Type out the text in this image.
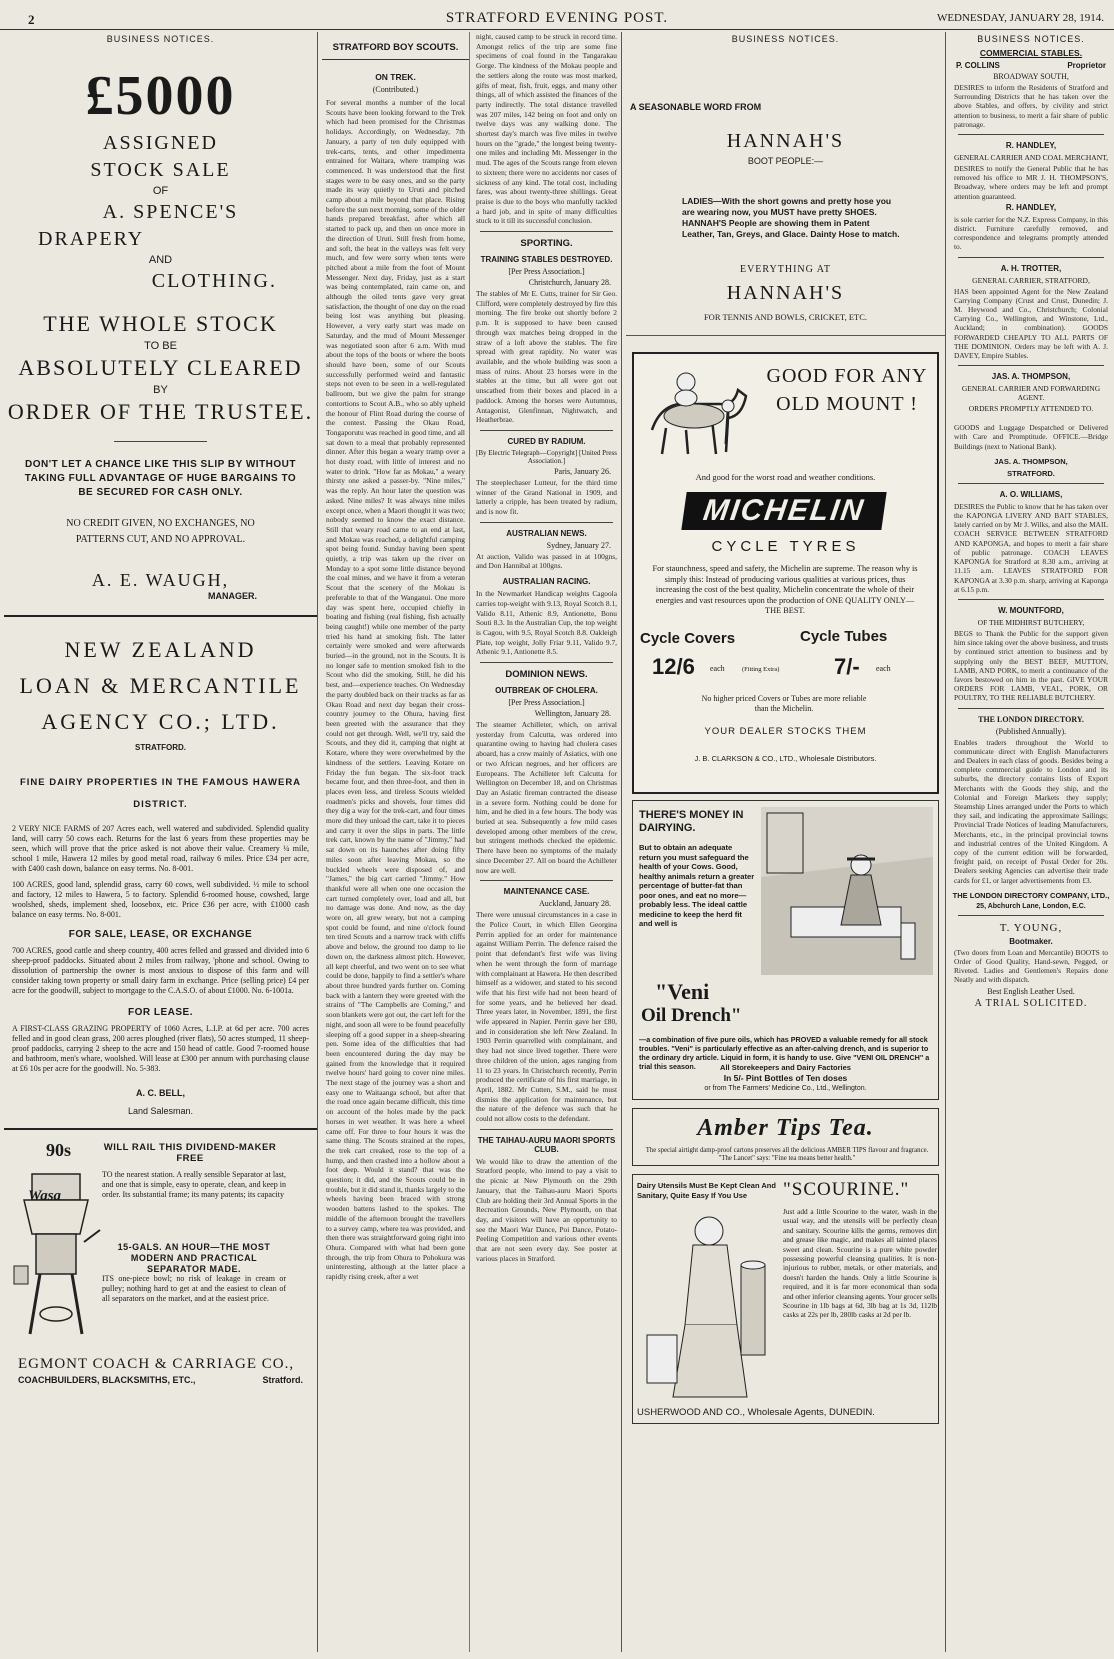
2	STRATFORD EVENING POST.	WEDNESDAY, JANUARY 28, 1914.
BUSINESS NOTICES.
£5000
ASSIGNED
STOCK SALE
OF
A. SPENCE'S
DRAPERY
AND
CLOTHING.
THE WHOLE STOCK
TO BE
ABSOLUTELY CLEARED
BY
ORDER OF THE TRUSTEE.
DON'T LET A CHANCE LIKE THIS SLIP BY WITHOUT TAKING FULL ADVANTAGE OF HUGE BARGAINS TO BE SECURED FOR CASH ONLY.
NO CREDIT GIVEN, NO EXCHANGES, NO PATTERNS CUT, AND NO APPROVAL.
A. E. WAUGH,
MANAGER.
NEW ZEALAND
LOAN & MERCANTILE
AGENCY CO.; LTD.
STRATFORD.
FINE DAIRY PROPERTIES IN THE FAMOUS HAWERA DISTRICT.

2 VERY NICE FARMS of 207 Acres each, well watered and subdivided. Splendid quality land, will carry 50 cows each. Returns for the last 6 years from these properties may be seen, which will prove that the price asked is not above their value. Creamery ¼ mile, school 1 mile, Hawera 12 miles by good metal road, railway 6 miles. Price £34 per acre, with £400 cash down, balance on easy terms. No. 8-001.

100 ACRES, good land, splendid grass, carry 60 cows, well subdivided. ½ mile to school and factory, 12 miles to Hawera, 5 to factory. Splendid 6-roomed house, cowshed, large woolshed, sheds, implement shed, loosebox, etc. Price £36 per acre, with £1000 cash balance on easy terms. No. 8-001.

FOR SALE, LEASE, OR EXCHANGE

700 ACRES, good cattle and sheep country, 400 acres felled and grassed and divided into 6 sheep-proof paddocks. Situated about 2 miles from railway, 'phone and school. Owing to dissolution of partnership the owner is most anxious to dispose of this farm and will consider taking town property or small dairy farm in exchange. Price (selling price) £4 per acre for the goodwill, subject to mortgage to the C.A.S.O. of about £1000. No. 6-1001a.

FOR LEASE.

A FIRST-CLASS GRAZING PROPERTY of 1060 Acres, L.I.P. at 6d per acre. 700 acres felled and in good clean grass, 200 acres ploughed (river flats), 50 acres stumped, 11 sheep-proof paddocks, carrying 2 sheep to the acre and 150 head of cattle. Good 7-roomed house and bathroom, men's whare, woolshed. Will lease at £300 per annum with purchasing clause at £6 10s per acre for the goodwill. No. 5-383.

A. C. BELL,
Land Salesman.
90s	WILL RAIL THIS DIVIDEND-MAKER FREE
Wasa

TO the nearest station. A really sensible Separator at last, and one that is simple, easy to operate, clean, and keep in order. Its substantial frame; its many patents; its capacity

15-GALS. AN HOUR—THE MOST MODERN AND PRACTICAL SEPARATOR MADE.

ITS one-piece bowl; no risk of leakage in cream or pulley; nothing hard to get at and the easiest to clean of all separators on the market, and at the easiest price.

EGMONT COACH & CARRIAGE CO.,
COACHBUILDERS, BLACKSMITHS, ETC.,	Stratford.
STRATFORD BOY SCOUTS.
ON TREK.
(Contributed.)

For several months a number of the local Scouts have been looking forward to the Trek which had been promised for the Christmas holidays. Accordingly, on Wednesday, 7th January, a party of ten duly equipped with trek-carts, tents, and other impedimenta entrained for Waitara, where tramping was commenced. It was understood that the first stages were to be easy ones, and so the party made its way quietly to Uruti and pitched camp about a mile beyond that place. Rising before the sun next morning, some of the older hands prepared breakfast, after which all started to pack up, and then on once more in the direction of Uruti. Still fresh from home, and soft, the heat in the valleys was felt very much, and few were sorry when tents were pitched about a mile from the foot of Mount Messenger. Next day, Friday, just as a start was being contemplated, rain came on, and although the oiled tents gave very great satisfaction, the thought of one day on the road being lost was anything but pleasing. However, a very early start was made on Saturday, and the mud of Mount Messenger was negotiated soon after 6 a.m. With mud about the tops of the boots or where the boots should have been, some of our Scouts successfully performed weird and fantastic steps not even to be seen in a well-regulated ballroom, but we give the palm for strange contortions to Scout A.B., who so ably upheld the honour of Flint Road during the course of the contest. Passing the Okau Road, Tongaporutu was reached in good time, and all sat down to a meal that probably represented dinner. After this began a weary tramp over a hot dusty road, with little of interest and no water to drink. "How far as Mokau," a weary thirsty one asked a passer-by. "Nine miles," was the reply. An hour later the question was asked. Nine miles? It was always nine miles except once, when a Maori thought it was two; nobody seemed to know the exact distance. Still that weary road came to an end at last, and Mokau was reached, a delightful camping spot being found. Sunday having been spent quietly, a trip was taken up the river on Monday to a spot some little distance beyond the coal mines, and we have it from a veteran Scout that the scenery of the Mokau is preferable to that of the Wanganui. One more day was spent here, occupied chiefly in boating and fishing (real fishing, fish actually being caught!) while one member of the party tried his hand at smoking fish. The latter certainly were smoked and were afterwards buried—in the ground, not in the Scouts. It is no longer safe to mention smoked fish to the Scout who did the smoking. Still, he did his best, and—experience teaches. On Wednesday the party doubled back on their tracks as far as Okau Road and next day began their cross-country journey to the Ohura, having first been greeted with the assurance that they could not get through. Well, we'll try, said the Scouts, and they did it, camping that night at Kotare, where they were overwhelmed by the kindness of the settlers. Leaving Kotare on Friday the fun began. The six-foot track became four, and then three-foot, and then in places even less, and tireless Scouts wielded roadmen's picks and shovels, four times did they dig a way for the trek-cart, and four times more did they unload the cart, take it to pieces and carry it over the slips in parts. The little trek cart, known by the name of "Jimmy," had sat down on its haunches after doing fifty miles soon after leaving Mokau, so the buckled wheels were disposed of, and "James," the big cart carried "Jimmy." How thankful were all when one one occasion the cart turned completely over, load and all, but no damage was done. And now, as the day wore on, all grew weary, but not a camping spot could be found, and nine o'clock found ten tired Scouts and a narrow track with cliffs above and below, the ground too damp to lie down on, the darkness almost pitch. However, all kept cheerful, and two went on to see what could be done, happily to find a settler's whare about three hundred yards further on. Coming back with a lantern they were greeted with the strains of "The Campbells are Coming," and soon blankets were got out, the cart left for the night, and soon all were to be found peacefully sleeping off a good supper in a sheep-shearing pen. Some idea of the difficulties that had been encountered during the day may be gained from the knowledge that it required twelve hours' hard going to cover nine miles. The next stage of the journey was a short and easy one to Waitaanga school, but after that the road once again became difficult, this time on account of the holes made by the pack horses in wet weather. It was here a wheel came off. For three to four hours it was the same thing. The Scouts strained at the ropes, the trek cart creaked, rose to the top of a hump, and then crashed into a hollow about a foot deep. Would it stand? that was the question; it did, and the Scouts could be in trouble, but it did stand it, thanks largely to the wheels having been braced with strong wooden battens lashed to the spokes. The middle of the afternoon brought the travellers to a survey camp, where tea was provided, and then there was straightforward going right into Ohura. Compared with what had been gone through, the trip from Ohura to Pohokura was uninteresting, although at the latter place a rapidly rising creek, after a wet

night, caused camp to be struck in record time. Amongst relics of the trip are some fine specimens of coal found in the Tangarakau Gorge. The kindness of the Mokau people and the settlers along the route was most marked, gifts of meat, fish, fruit, eggs, and many other things, all of which assisted the finances of the party indirectly. The total distance travelled was 207 miles, 142 being on foot and only on twelve days was any walking done. The shortest day's march was five miles in twelve hours on the "grade," the longest being twenty-one miles and including Mt. Messenger in the mud. The ages of the Scouts range from eleven to sixteen; there were no accidents nor cases of sickness of any kind. The total cost, including fares, was about twenty-three shillings. Great praise is due to the boys who manfully tackled a hard job, and in spite of many difficulties stuck to it till its successful conclusion.

SPORTING.
TRAINING STABLES DESTROYED.
[Per Press Association.]
Christchurch, January 28.

The stables of Mr E. Cutts, trainer for Sir Geo. Clifford, were completely destroyed by fire this morning. The fire broke out shortly before 2 p.m. It is supposed to have been caused through wax matches being dropped in the straw of a loft above the stables. The fire spread with great rapidity. No water was available, and the whole building was soon a mass of ruins. About 23 horses were in the stables at the time, but all were got out unscathed from their boxes and placed in a paddock. Among the horses were Autumnus, Antagonist, Glenfinnan, Nightwatch, and Heatherbrae.

CURED BY RADIUM.
[By Electric Telegraph—Copyright] [United Press Association.]
Paris, January 26.

The steeplechaser Lutteur, for the third time winner of the Grand National in 1909, and latterly a cripple, has been treated by radium, and is now fit.

AUSTRALIAN NEWS.
Sydney, January 27.

At auction, Valido was passed in at 100gns, and Don Hannibal at 100gns.

AUSTRALIAN RACING.

In the Newmarket Handicap weights Cagoola carries top-weight with 9.13, Royal Scotch 8.1, Valido 8.11, Athenic 8.9, Antionette, Bonu Souti 8.3. In the Australian Cup, the top weight is Cagou, with 9.5, Royal Scotch 8.8. Oakleigh Plate, top weight, Jolly Friar 9.11, Valido 9.7, Athenic 9.1, Antionette 8.5.

DOMINION NEWS.
OUTBREAK OF CHOLERA.
[Per Press Association.]
Wellington, January 28.

The steamer Achilleter, which, on arrival yesterday from Calcutta, was ordered into quarantine owing to having had cholera cases aboard, has a crew mainly of Asiatics, with one or two African negroes, and her officers are Europeans. The Achilleter left Calcutta for Wellington on December 18, and on Christmas Day an Asiatic fireman contracted the disease in a severe form. Nothing could be done for him, and he died in a few hours. The body was buried at sea. Subsequently a few mild cases developed among other members of the crew, but stringent methods checked the epidemic. There have been no symptoms of the malady since December 27. All on board the Achilleter now are well.

MAINTENANCE CASE.
Auckland, January 28.

There were unusual circumstances in a case in the Police Court, in which Ellen Georgina Perrin applied for an order for maintenance against William Perrin. The defence raised the point that defendant's first wife was living when he went through the form of marriage with complainant at Hawera. He then described himself as a widower, and stated to his second wife that his first wife had not been heard of for some years, and he believed her dead. Three years later, in November, 1891, the first wife appeared in Napier. Perrin gave her £80, and in consideration she left New Zealand. In 1903 Perrin quarrelled with complainant, and they had not since lived together. There were three children of the union, ages ranging from 11 to 23 years. In Christchurch recently, Perrin produced the certificate of his first marriage, in April, 1882. Mr Cutten, S.M., said he must dismiss the application for maintenance, but the nature of the defence was such that he could not allow costs to the defendant.

THE TAIHAU-AURU MAORI SPORTS CLUB.

We would like to draw the attention of the Stratford people, who intend to pay a visit to the picnic at New Plymouth on the 29th January, that the Taihau-auru Maori Sports Club are holding their 3rd Annual Sports in the Recreation Grounds, New Plymouth, on that day, and visitors will have an opportunity to see the Maori War Dance, Poi Dance, Potato-Peeling Competition and various other events that are not seen every day. See poster at various places in Stratford.

BUSINESS NOTICES.
A SEASONABLE WORD FROM
HANNAH'S
BOOT PEOPLE:—

LADIES—With the short gowns and pretty hose you are wearing now, you MUST have pretty SHOES. HANNAH'S People are showing them in Patent Leather, Tan, Greys, and Glace. Dainty Hose to match.

EVERYTHING AT
HANNAH'S
FOR TENNIS AND BOWLS, CRICKET, ETC.
GOOD FOR ANY OLD MOUNT !
And good for the worst road and weather conditions.
MICHELIN
CYCLE TYRES

For staunchness, speed and safety, the Michelin are supreme. The reason why is simply this: Instead of producing various qualities at various prices, thus increasing the cost of the best quality, Michelin concentrate the whole of their energies and vast resources upon the production of ONE QUALITY ONLY—THE BEST.

Cycle Covers
12/6 each	(Fitting Extra)
Cycle Tubes
7/- each

No higher priced Covers or Tubes are more reliable than the Michelin.

YOUR DEALER STOCKS THEM
J. B. CLARKSON & CO., LTD., Wholesale Distributors.
THERE'S MONEY IN DAIRYING.

But to obtain an adequate return you must safeguard the health of your Cows. Good, healthy animals return a greater percentage of butter-fat than poor ones, and eat no more—probably less. The ideal cattle medicine to keep the herd fit and well is

"Veni
Oil Drench"

—a combination of five pure oils, which has PROVED a valuable remedy for all stock troubles. "Veni" is particularly effective as an after-calving drench, and is superior to the ordinary dry article. Liquid in form, it is handy to use. Give "VENI OIL DRENCH" a trial this season.	All Storekeepers and Dairy Factories
In 5/- Pint Bottles of Ten doses
or from The Farmers' Medicine Co., Ltd., Wellington.
Amber Tips Tea.

The special airtight damp-proof cartons preserves all the delicious AMBER TIPS flavour and fragrance. "The Lancet" says: "Fine tea means better health."

Dairy Utensils Must Be Kept Clean And Sanitary, Quite Easy If You Use	"SCOURINE."

Just add a little Scourine to the water, wash in the usual way, and the utensils will be perfectly clean and sanitary. Scourine kills the germs, removes dirt and grease like magic, and makes all tainted places sweet and clean. Scourine is a pure white powder possessing powerful cleansing qualities. It is non-injurious to rubber, metals, or other materials, and doesn't harden the hands. Only a little Scourine is required, and it is far more economical than soda and other inferior cleansing agents. Your grocer sells Scourine in 1lb bags at 6d, 3lb bag at 1s 3d, 112lb casks at 22s per lb, 280lb casks at 2d per lb.

USHERWOOD AND CO., Wholesale Agents, DUNEDIN.
BUSINESS NOTICES.
COMMERCIAL STABLES.
P. COLLINS	Proprietor
BROADWAY SOUTH,

DESIRES to inform the Residents of Stratford and Surrounding Districts that he has taken over the above Stables, and offers, by civility and strict attention to business, to merit a fair share of public patronage.

R. HANDLEY,
GENERAL CARRIER AND COAL MERCHANT,

DESIRES to notify the General Public that he has removed his office to MR J. H. THOMPSON'S, Broadway, where orders may be left and prompt attention guaranteed.

R. HANDLEY,

is sole carrier for the N.Z. Express Company, in this district. Furniture carefully removed, and correspondence and telegrams promptly attended to.

A. H. TROTTER,
GENERAL CARRIER, STRATFORD,

HAS been appointed Agent for the New Zealand Carrying Company (Crust and Crust, Dunedin; J. M. Heywood and Co., Christchurch; Colonial Carrying Co., Wellington, and Winstone, Ltd., Auckland; in combination). GOODS FORWARDED CHEAPLY TO ALL PARTS OF THE DOMINION. Orders may be left with A. J. DAVEY, Empire Stables.

JAS. A. THOMPSON,
GENERAL CARRIER AND FORWARDING AGENT.
ORDERS PROMPTLY ATTENDED TO.

GOODS and Luggage Despatched or Delivered with Care and Promptitude. OFFICE.—Bridge Buildings (next to National Bank).

JAS. A. THOMPSON,
STRATFORD.
A. O. WILLIAMS,

DESIRES the Public to know that he has taken over the KAPONGA LIVERY AND BAIT STABLES, lately carried on by Mr J. Wilks, and also the MAIL COACH SERVICE BETWEEN STRATFORD AND KAPONGA, and hopes to merit a fair share of public patronage. COACH LEAVES KAPONGA for Stratford at 8.30 a.m., arriving at 11.15 a.m. LEAVES STRATFORD FOR KAPONGA at 3.30 p.m. sharp, arriving at Kaponga at 6.15 p.m.

W. MOUNTFORD,
OF THE MIDHIRST BUTCHERY,

BEGS to Thank the Public for the support given him since taking over the above business, and trusts by continued strict attention to business and by supplying only the BEST BEEF, MUTTON, LAMB, AND PORK, to merit a continuance of the favors bestowed on him in the past. GIVE YOUR ORDERS FOR LAMB, VEAL, PORK, OR POULTRY, TO THE RELIABLE BUTCHERY.

THE LONDON DIRECTORY.
(Published Annually).

Enables traders throughout the World to communicate direct with English Manufacturers and Dealers in each class of goods. Besides being a complete commercial guide to London and its suburbs, the directory contains lists of Export Merchants with the Goods they ship, and the Colonial and Foreign Markets they supply; Steamship Lines arranged under the Ports to which they sail, and indicating the approximate Sailings; Provincial Trade Notices of leading Manufacturers, Merchants, etc., in the principal provincial towns and industrial centres of the United Kingdom. A copy of the current edition will be forwarded, freight paid, on receipt of Postal Order for 20s. Dealers seeking Agencies can advertise their trade cards for £1, or larger advertisements from £3.

THE LONDON DIRECTORY COMPANY, LTD.,
25, Abchurch Lane, London, E.C.
T. YOUNG,
Bootmaker.

(Two doors from Loan and Mercantile) BOOTS to Order of Good Quality, Hand-sewn, Pegged, or Riveted. Ladies and Gentlemen's Repairs done Neatly and with dispatch.

Best English Leather Used.
A TRIAL SOLICITED.
